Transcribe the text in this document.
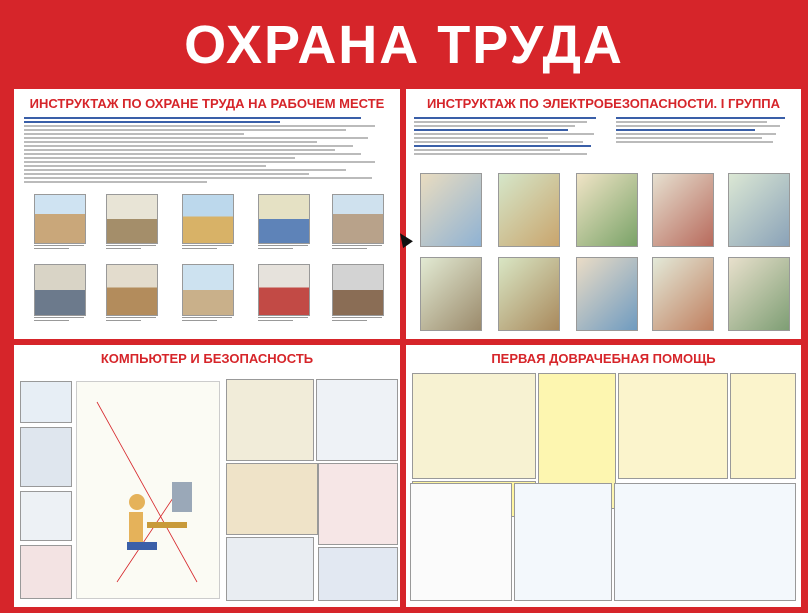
ОХРАНА ТРУДА
ИНСТРУКТАЖ ПО ОХРАНЕ ТРУДА НА РАБОЧЕМ МЕСТЕ	ИНСТРУКТАЖ ПО ЭЛЕКТРОБЕЗОПАСНОСТИ. I ГРУППА
КОМПЬЮТЕР И БЕЗОПАСНОСТЬ	ПЕРВАЯ ДОВРАЧЕБНАЯ ПОМОЩЬ
